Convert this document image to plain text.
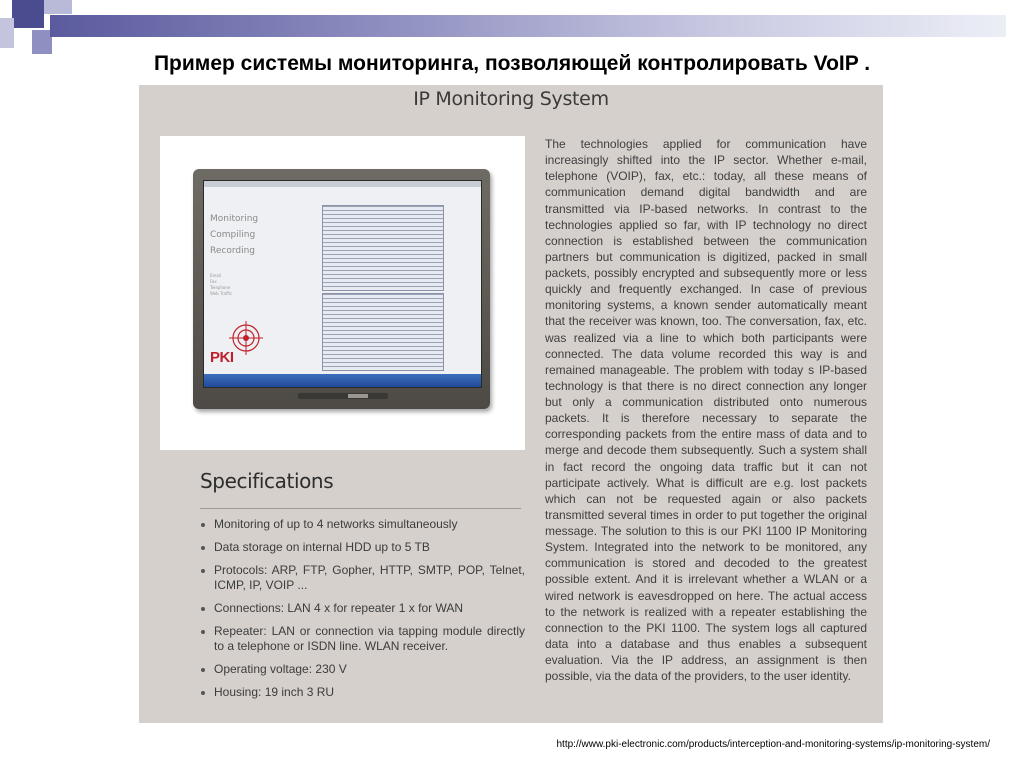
Пример системы мониторинга, позволяющей контролировать VoIP .
IP Monitoring System
Monitoring
Compiling
Recording
Email
Fax
Telephone
Web Traffic
PKI
Specifications
Monitoring of up to 4 networks simultaneously
Data storage on internal HDD up to 5 TB
Protocols: ARP, FTP, Gopher, HTTP, SMTP, POP, Telnet, ICMP, IP, VOIP ...
Connections: LAN 4 x for repeater 1 x for WAN
Repeater: LAN or connection via tapping module directly to a telephone or ISDN line. WLAN receiver.
Operating voltage: 230 V
Housing: 19 inch 3 RU

The technologies applied for communication have increasingly shifted into the IP sector. Whether e-mail, telephone (VOIP), fax, etc.: today, all these means of communication demand digital bandwidth and are transmitted via IP-based networks. In contrast to the technologies applied so far, with IP technology no direct connection is established between the communication partners but communication is digitized, packed in small packets, possibly encrypted and subsequently more or less quickly and frequently exchanged. In case of previous monitoring systems, a known sender automatically meant that the receiver was known, too. The conversation, fax, etc. was realized via a line to which both participants were connected. The data volume recorded this way is and remained manageable. The problem with today s IP-based technology is that there is no direct connection any longer but only a communication distributed onto numerous packets. It is therefore necessary to separate the corresponding packets from the entire mass of data and to merge and decode them subsequently. Such a system shall in fact record the ongoing data traffic but it can not participate actively. What is difficult are e.g. lost packets which can not be requested again or also packets transmitted several times in order to put together the original message. The solution to this is our PKI 1100 IP Monitoring System. Integrated into the network to be monitored, any communication is stored and decoded to the greatest possible extent. And it is irrelevant whether a WLAN or a wired network is eavesdropped on here. The actual access to the network is realized with a repeater establishing the connection to the PKI 1100. The system logs all captured data into a database and thus enables a subsequent evaluation. Via the IP address, an assignment is then possible, via the data of the providers, to the user identity.

http://www.pki-electronic.com/products/interception-and-monitoring-systems/ip-monitoring-system/
